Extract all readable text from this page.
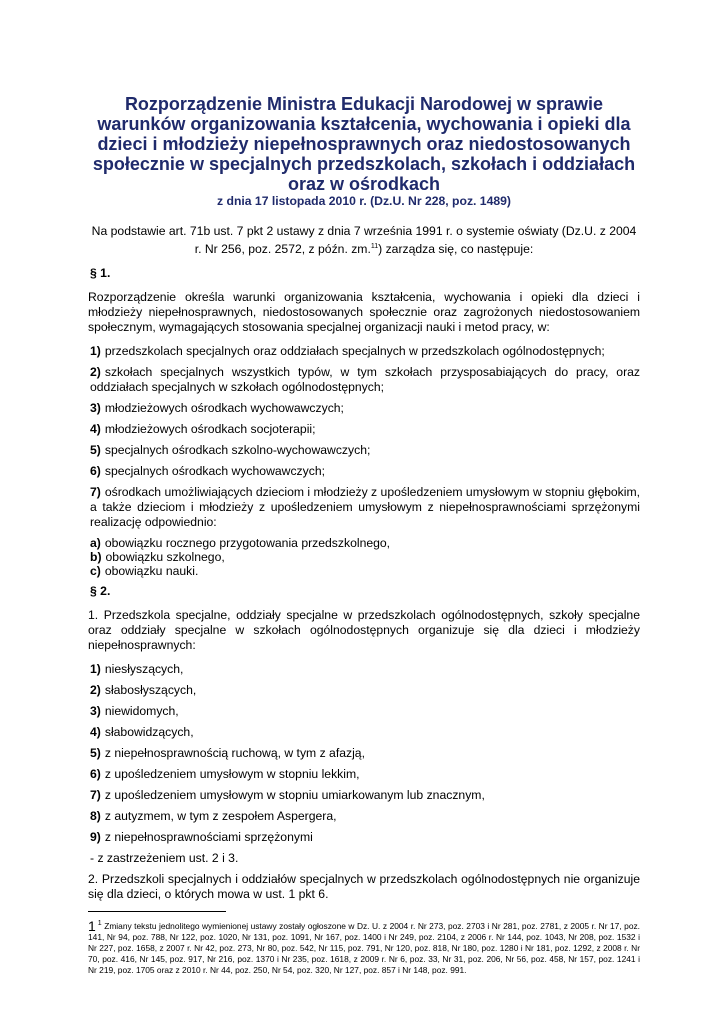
Rozporządzenie Ministra Edukacji Narodowej w sprawie warunków organizowania kształcenia, wychowania i opieki dla dzieci i młodzieży niepełnosprawnych oraz niedostosowanych społecznie w specjalnych przedszkolach, szkołach i oddziałach oraz w ośrodkach

z dnia 17 listopada 2010 r. (Dz.U. Nr 228, poz. 1489)

Na podstawie art. 71b ust. 7 pkt 2 ustawy z dnia 7 września 1991 r. o systemie oświaty (Dz.U. z 2004 r. Nr 256, poz. 2572, z późn. zm.$^{11}$) zarządza się, co następuje:

§ 1.

Rozporządzenie określa warunki organizowania kształcenia, wychowania i opieki dla dzieci i młodzieży niepełnosprawnych, niedostosowanych społecznie oraz zagrożonych niedostosowaniem społecznym, wymagających stosowania specjalnej organizacji nauki i metod pracy, w:

1) przedszkolach specjalnych oraz oddziałach specjalnych w przedszkolach ogólnodostępnych;

2) szkołach specjalnych wszystkich typów, w tym szkołach przysposabiających do pracy, oraz oddziałach specjalnych w szkołach ogólnodostępnych;

3) młodzieżowych ośrodkach wychowawczych;

4) młodzieżowych ośrodkach socjoterapii;

5) specjalnych ośrodkach szkolno-wychowawczych;

6) specjalnych ośrodkach wychowawczych;

7) ośrodkach umożliwiających dzieciom i młodzieży z upośledzeniem umysłowym w stopniu głębokim, a także dzieciom i młodzieży z upośledzeniem umysłowym z niepełnosprawnościami sprzężonymi realizację odpowiednio:

a) obowiązku rocznego przygotowania przedszkolnego,

b) obowiązku szkolnego,

c) obowiązku nauki.

§ 2.

1. Przedszkola specjalne, oddziały specjalne w przedszkolach ogólnodostępnych, szkoły specjalne oraz oddziały specjalne w szkołach ogólnodostępnych organizuje się dla dzieci i młodzieży niepełnosprawnych:

1) niesłyszących,

2) słabosłyszących,

3) niewidomych,

4) słabowidzących,

5) z niepełnosprawnością ruchową, w tym z afazją,

6) z upośledzeniem umysłowym w stopniu lekkim,

7) z upośledzeniem umysłowym w stopniu umiarkowanym lub znacznym,

8) z autyzmem, w tym z zespołem Aspergera,

9) z niepełnosprawnościami sprzężonymi

- z zastrzeżeniem ust. 2 i 3.

2. Przedszkoli specjalnych i oddziałów specjalnych w przedszkolach ogólnodostępnych nie organizuje się dla dzieci, o których mowa w ust. 1 pkt 6.

1 $^1$ Zmiany tekstu jednolitego wymienionej ustawy zostały ogłoszone w Dz. U. z 2004 r. Nr 273, poz. 2703 i Nr 281, poz. 2781, z 2005 r. Nr 17, poz. 141, Nr 94, poz. 788, Nr 122, poz. 1020, Nr 131, poz. 1091, Nr 167, poz. 1400 i Nr 249, poz. 2104, z 2006 r. Nr 144, poz. 1043, Nr 208, poz. 1532 i Nr 227, poz. 1658, z 2007 r. Nr 42, poz. 273, Nr 80, poz. 542, Nr 115, poz. 791, Nr 120, poz. 818, Nr 180, poz. 1280 i Nr 181, poz. 1292, z 2008 r. Nr 70, poz. 416, Nr 145, poz. 917, Nr 216, poz. 1370 i Nr 235, poz. 1618, z 2009 r. Nr 6, poz. 33, Nr 31, poz. 206, Nr 56, poz. 458, Nr 157, poz. 1241 i Nr 219, poz. 1705 oraz z 2010 r. Nr 44, poz. 250, Nr 54, poz. 320, Nr 127, poz. 857 i Nr 148, poz. 991.
